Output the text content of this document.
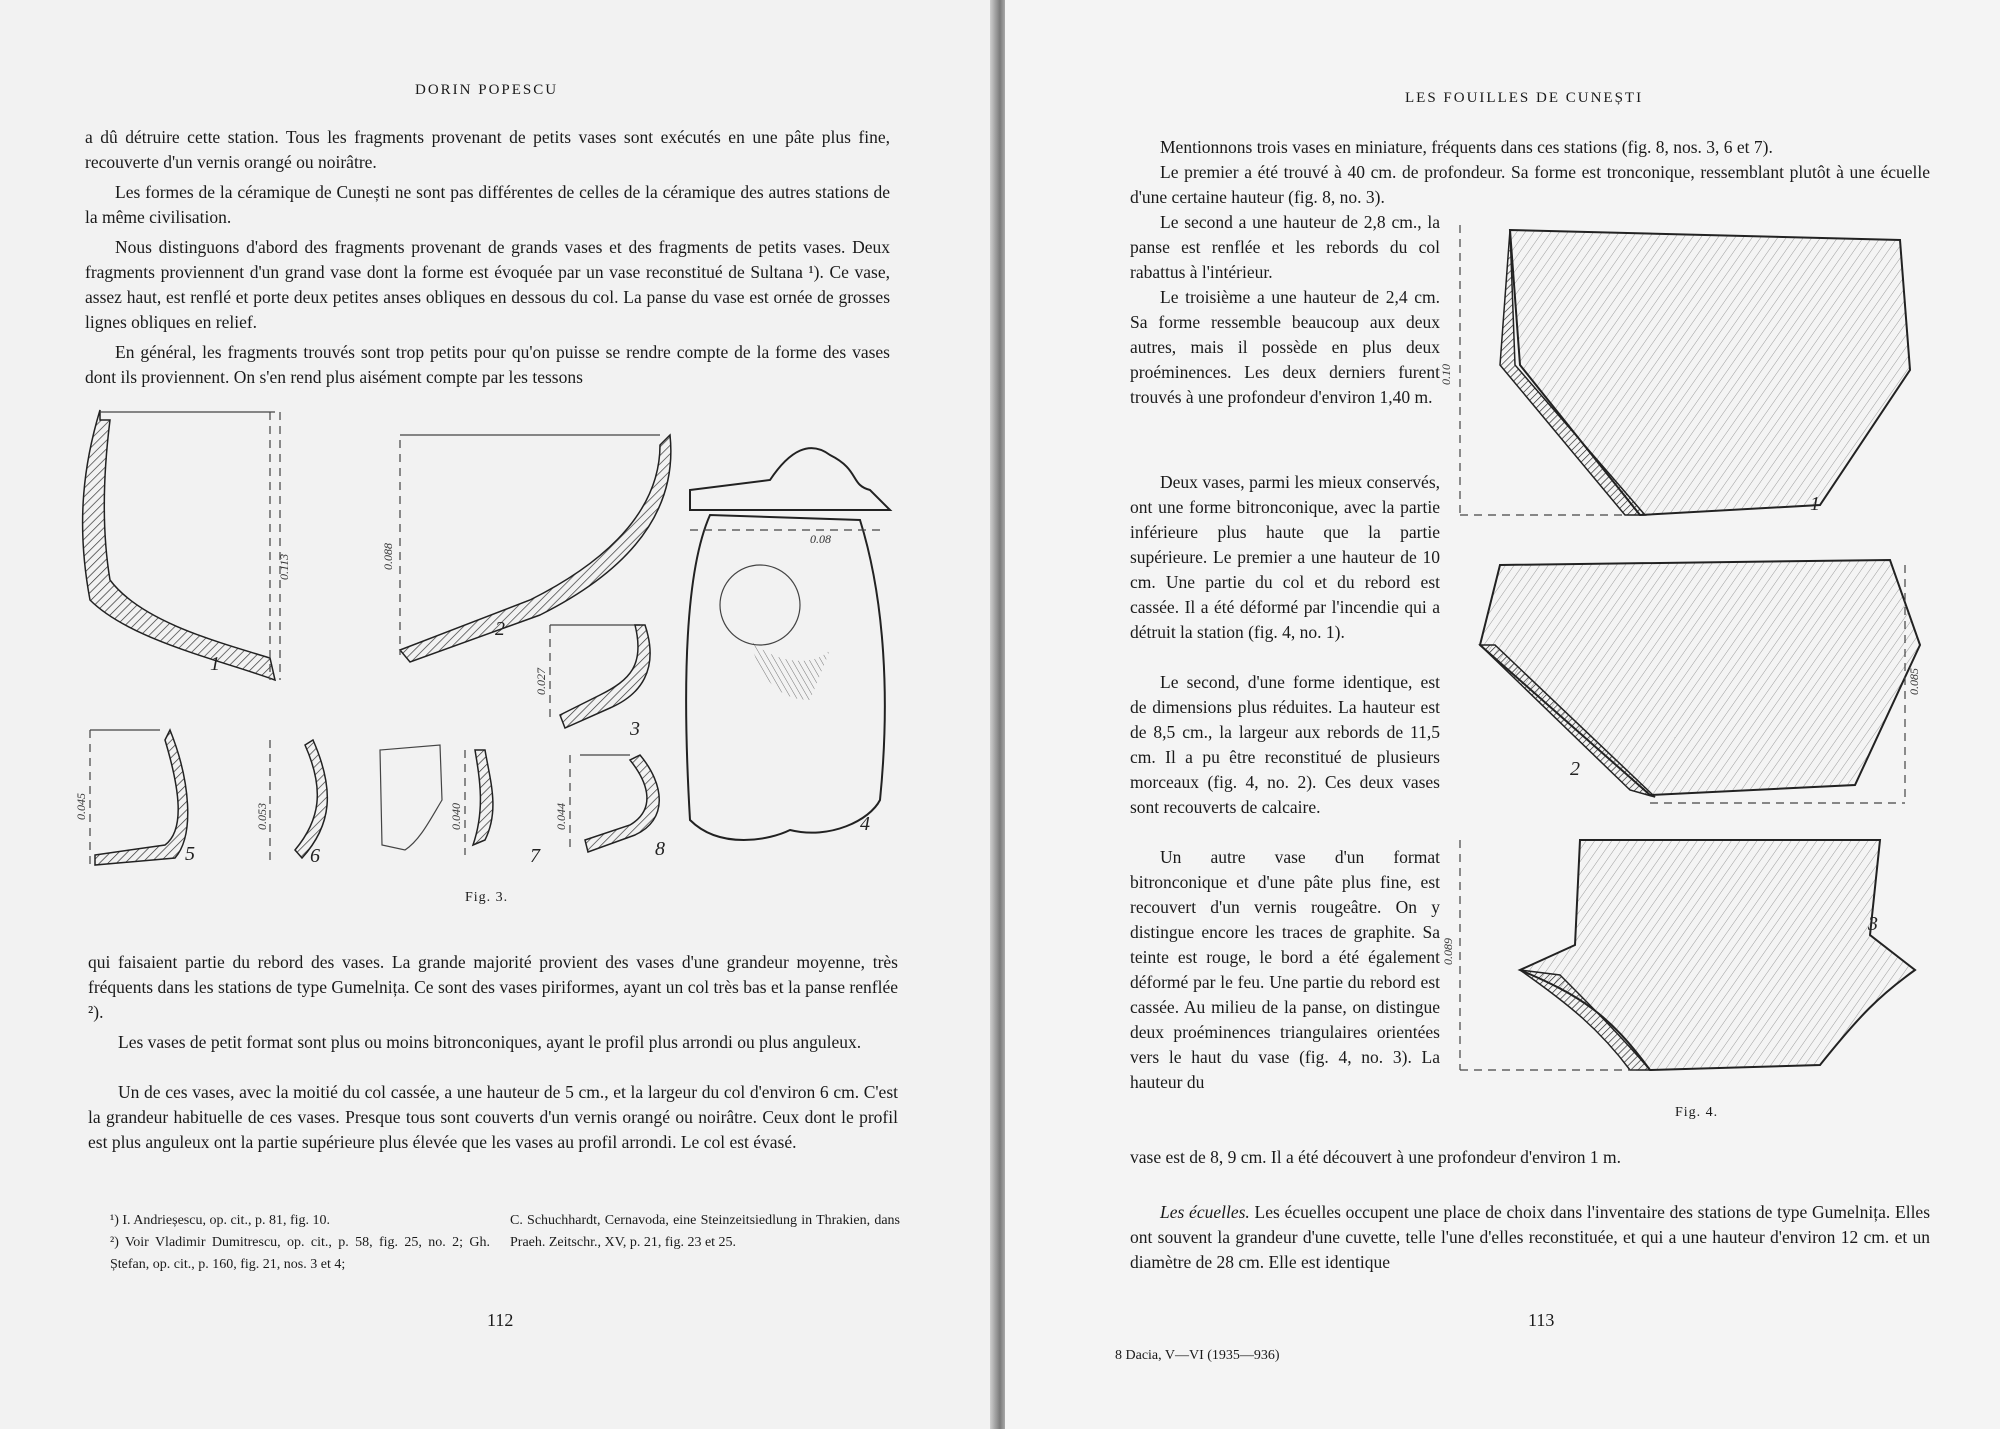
DORIN POPESCU
a dû détruire cette station. Tous les fragments provenant de petits vases sont exécutés en une pâte plus fine, recouverte d'un vernis orangé ou noirâtre.
Les formes de la céramique de Cunești ne sont pas différentes de celles de la céramique des autres stations de la même civilisation.
Nous distinguons d'abord des fragments provenant de grands vases et des fragments de petits vases. Deux fragments proviennent d'un grand vase dont la forme est évoquée par un vase reconstitué de Sultana ¹). Ce vase, assez haut, est renflé et porte deux petites anses obliques en dessous du col. La panse du vase est ornée de grosses lignes obliques en relief.
En général, les fragments trouvés sont trop petits pour qu'on puisse se rendre compte de la forme des vases dont ils proviennent. On s'en rend plus aisément compte par les tessons
1
2
3
4
5	6	7	8
0.113	0.088
0.027
0.08
0.045	0.053	0.040	0.044
Fig. 3.
qui faisaient partie du rebord des vases. La grande majorité provient des vases d'une grandeur moyenne, très fréquents dans les stations de type Gumelnița. Ce sont des vases piriformes, ayant un col très bas et la panse renflée ²).
Les vases de petit format sont plus ou moins bitronconiques, ayant le profil plus arrondi ou plus anguleux.
Un de ces vases, avec la moitié du col cassée, a une hauteur de 5 cm., et la largeur du col d'environ 6 cm. C'est la grandeur habituelle de ces vases. Presque tous sont couverts d'un vernis orangé ou noirâtre. Ceux dont le profil est plus anguleux ont la partie supérieure plus élevée que les vases au profil arrondi. Le col est évasé.
¹) I. Andrieșescu, op. cit., p. 81, fig. 10.
²) Voir Vladimir Dumitrescu, op. cit., p. 58, fig. 25, no. 2; Gh. Ștefan, op. cit., p. 160, fig. 21, nos. 3 et 4;
C. Schuchhardt, Cernavoda, eine Steinzeitsiedlung in Thrakien, dans Praeh. Zeitschr., XV, p. 21, fig. 23 et 25.
112
LES FOUILLES DE CUNEȘTI
Mentionnons trois vases en miniature, fréquents dans ces stations (fig. 8, nos. 3, 6 et 7).
Le premier a été trouvé à 40 cm. de profondeur. Sa forme est tronconique, ressemblant plutôt à une écuelle d'une certaine hauteur (fig. 8, no. 3).
Le second a une hauteur de 2,8 cm., la panse est renflée et les rebords du col rabattus à l'intérieur.
Le troisième a une hauteur de 2,4 cm. Sa forme ressemble beaucoup aux deux autres, mais il possède en plus deux proéminences. Les deux derniers furent trouvés à une profondeur d'environ 1,40 m.
Deux vases, parmi les mieux conservés, ont une forme bitronconique, avec la partie inférieure plus haute que la partie supérieure. Le premier a une hauteur de 10 cm. Une partie du col et du rebord est cassée. Il a été déformé par l'incendie qui a détruit la station (fig. 4, no. 1).
Le second, d'une forme identique, est de dimensions plus réduites. La hauteur est de 8,5 cm., la largeur aux rebords de 11,5 cm. Il a pu être reconstitué de plusieurs morceaux (fig. 4, no. 2). Ces deux vases sont recouverts de calcaire.
Un autre vase d'un format bitronconique et d'une pâte plus fine, est recouvert d'un vernis rougeâtre. On y distingue encore les traces de graphite. Sa teinte est rouge, le bord a été également déformé par le feu. Une partie du rebord est cassée. Au milieu de la panse, on distingue deux proéminences triangulaires orientées vers le haut du vase (fig. 4, no. 3). La hauteur du
0.10
1
0.085
2
0.089
3
Fig. 4.
vase est de 8, 9 cm. Il a été découvert à une profondeur d'environ 1 m.
Les écuelles. Les écuelles occupent une place de choix dans l'inventaire des stations de type Gumelnița. Elles ont souvent la grandeur d'une cuvette, telle l'une d'elles reconstituée, et qui a une hauteur d'environ 12 cm. et un diamètre de 28 cm. Elle est identique
113
8 Dacia, V—VI (1935—936)
